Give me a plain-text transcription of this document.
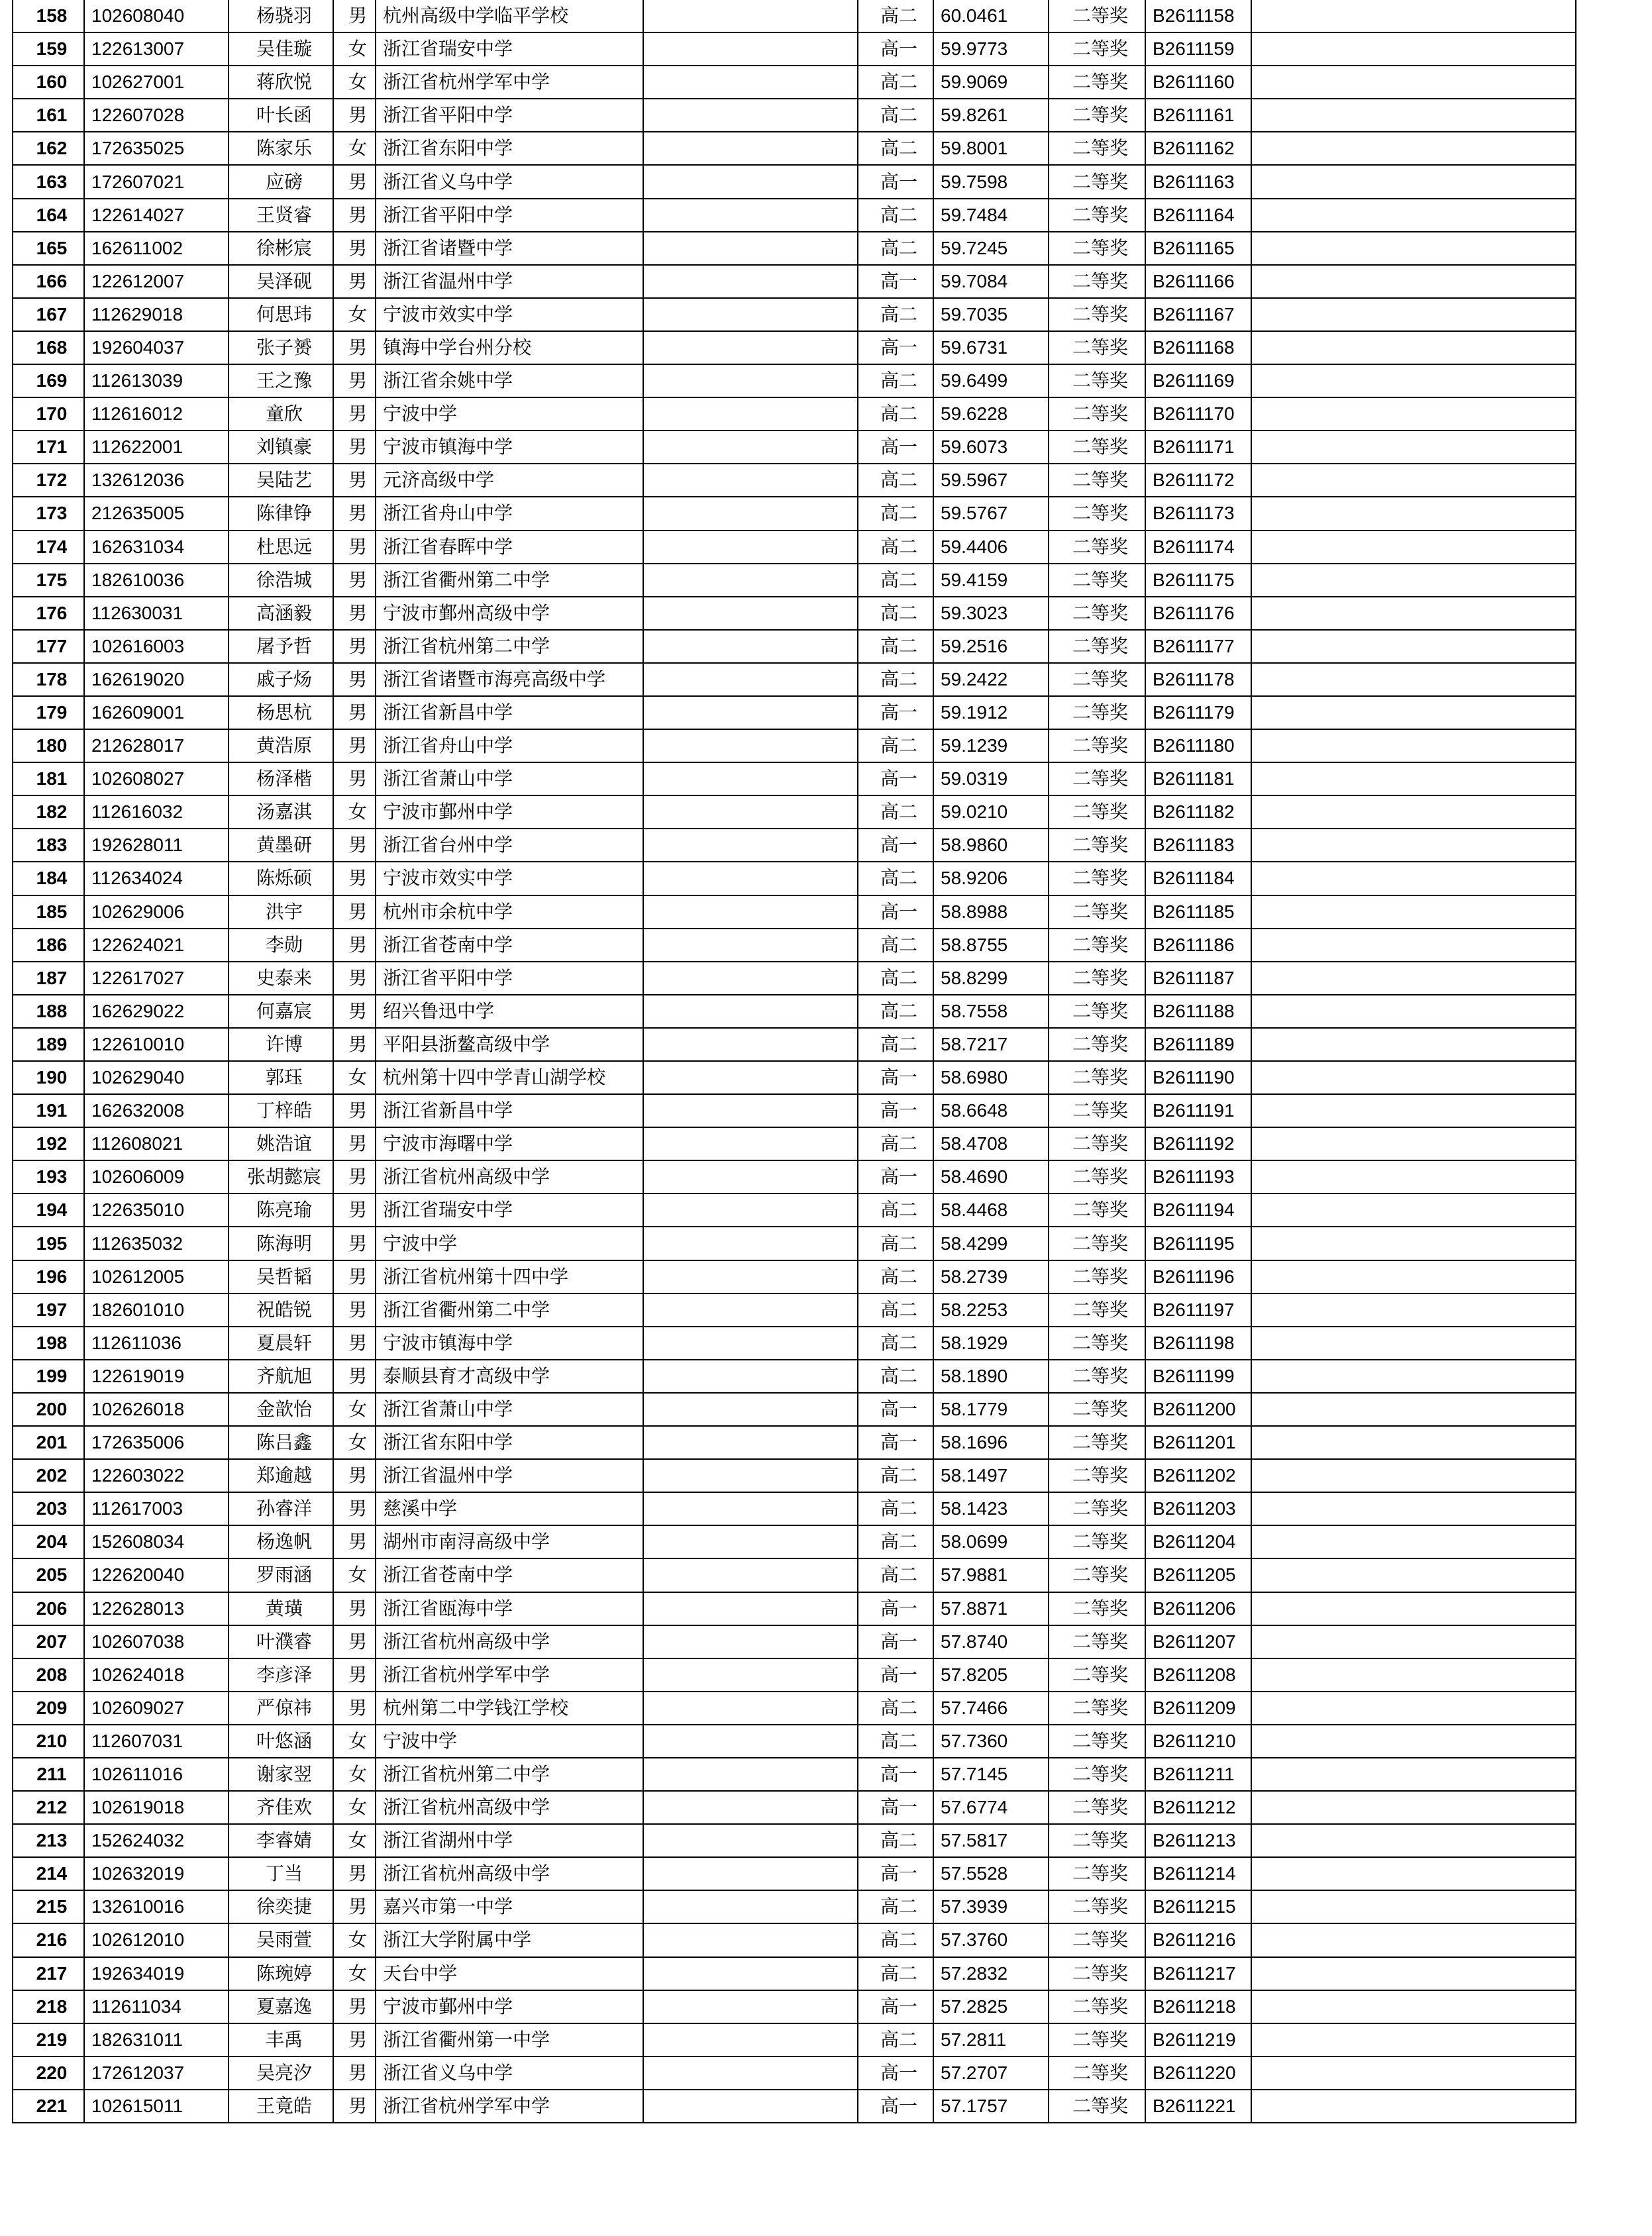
158	102608040	杨骁羽	男	杭州高级中学临平学校		高二	60.0461	二等奖	B2611158	
159	122613007	吴佳璇	女	浙江省瑞安中学		高一	59.9773	二等奖	B2611159	
160	102627001	蒋欣悦	女	浙江省杭州学军中学		高二	59.9069	二等奖	B2611160	
161	122607028	叶长函	男	浙江省平阳中学		高二	59.8261	二等奖	B2611161	
162	172635025	陈家乐	女	浙江省东阳中学		高二	59.8001	二等奖	B2611162	
163	172607021	应磅	男	浙江省义乌中学		高一	59.7598	二等奖	B2611163	
164	122614027	王贤睿	男	浙江省平阳中学		高二	59.7484	二等奖	B2611164	
165	162611002	徐彬宸	男	浙江省诸暨中学		高二	59.7245	二等奖	B2611165	
166	122612007	吴泽砚	男	浙江省温州中学		高一	59.7084	二等奖	B2611166	
167	112629018	何思玮	女	宁波市效实中学		高二	59.7035	二等奖	B2611167	
168	192604037	张子赟	男	镇海中学台州分校		高一	59.6731	二等奖	B2611168	
169	112613039	王之豫	男	浙江省余姚中学		高二	59.6499	二等奖	B2611169	
170	112616012	童欣	男	宁波中学		高二	59.6228	二等奖	B2611170	
171	112622001	刘镇豪	男	宁波市镇海中学		高一	59.6073	二等奖	B2611171	
172	132612036	吴陆艺	男	元济高级中学		高二	59.5967	二等奖	B2611172	
173	212635005	陈律铮	男	浙江省舟山中学		高二	59.5767	二等奖	B2611173	
174	162631034	杜思远	男	浙江省春晖中学		高二	59.4406	二等奖	B2611174	
175	182610036	徐浩城	男	浙江省衢州第二中学		高二	59.4159	二等奖	B2611175	
176	112630031	高涵毅	男	宁波市鄞州高级中学		高二	59.3023	二等奖	B2611176	
177	102616003	屠予哲	男	浙江省杭州第二中学		高二	59.2516	二等奖	B2611177	
178	162619020	戚子炀	男	浙江省诸暨市海亮高级中学		高二	59.2422	二等奖	B2611178	
179	162609001	杨思杭	男	浙江省新昌中学		高一	59.1912	二等奖	B2611179	
180	212628017	黄浩原	男	浙江省舟山中学		高二	59.1239	二等奖	B2611180	
181	102608027	杨泽楷	男	浙江省萧山中学		高一	59.0319	二等奖	B2611181	
182	112616032	汤嘉淇	女	宁波市鄞州中学		高二	59.0210	二等奖	B2611182	
183	192628011	黄墨研	男	浙江省台州中学		高一	58.9860	二等奖	B2611183	
184	112634024	陈烁硕	男	宁波市效实中学		高二	58.9206	二等奖	B2611184	
185	102629006	洪宇	男	杭州市余杭中学		高一	58.8988	二等奖	B2611185	
186	122624021	李勋	男	浙江省苍南中学		高二	58.8755	二等奖	B2611186	
187	122617027	史泰来	男	浙江省平阳中学		高二	58.8299	二等奖	B2611187	
188	162629022	何嘉宸	男	绍兴鲁迅中学		高二	58.7558	二等奖	B2611188	
189	122610010	许博	男	平阳县浙鳌高级中学		高二	58.7217	二等奖	B2611189	
190	102629040	郭珏	女	杭州第十四中学青山湖学校		高一	58.6980	二等奖	B2611190	
191	162632008	丁梓皓	男	浙江省新昌中学		高一	58.6648	二等奖	B2611191	
192	112608021	姚浩谊	男	宁波市海曙中学		高二	58.4708	二等奖	B2611192	
193	102606009	张胡懿宸	男	浙江省杭州高级中学		高一	58.4690	二等奖	B2611193	
194	122635010	陈亮瑜	男	浙江省瑞安中学		高二	58.4468	二等奖	B2611194	
195	112635032	陈海明	男	宁波中学		高二	58.4299	二等奖	B2611195	
196	102612005	吴哲韬	男	浙江省杭州第十四中学		高二	58.2739	二等奖	B2611196	
197	182601010	祝皓锐	男	浙江省衢州第二中学		高二	58.2253	二等奖	B2611197	
198	112611036	夏晨轩	男	宁波市镇海中学		高二	58.1929	二等奖	B2611198	
199	122619019	齐航旭	男	泰顺县育才高级中学		高二	58.1890	二等奖	B2611199	
200	102626018	金歆怡	女	浙江省萧山中学		高一	58.1779	二等奖	B2611200	
201	172635006	陈吕鑫	女	浙江省东阳中学		高一	58.1696	二等奖	B2611201	
202	122603022	郑逾越	男	浙江省温州中学		高二	58.1497	二等奖	B2611202	
203	112617003	孙睿洋	男	慈溪中学		高二	58.1423	二等奖	B2611203	
204	152608034	杨逸帆	男	湖州市南浔高级中学		高二	58.0699	二等奖	B2611204	
205	122620040	罗雨涵	女	浙江省苍南中学		高二	57.9881	二等奖	B2611205	
206	122628013	黄璜	男	浙江省瓯海中学		高一	57.8871	二等奖	B2611206	
207	102607038	叶濮睿	男	浙江省杭州高级中学		高一	57.8740	二等奖	B2611207	
208	102624018	李彦泽	男	浙江省杭州学军中学		高一	57.8205	二等奖	B2611208	
209	102609027	严倞祎	男	杭州第二中学钱江学校		高二	57.7466	二等奖	B2611209	
210	112607031	叶悠涵	女	宁波中学		高二	57.7360	二等奖	B2611210	
211	102611016	谢家翌	女	浙江省杭州第二中学		高一	57.7145	二等奖	B2611211	
212	102619018	齐佳欢	女	浙江省杭州高级中学		高一	57.6774	二等奖	B2611212	
213	152624032	李睿婧	女	浙江省湖州中学		高二	57.5817	二等奖	B2611213	
214	102632019	丁当	男	浙江省杭州高级中学		高一	57.5528	二等奖	B2611214	
215	132610016	徐奕捷	男	嘉兴市第一中学		高二	57.3939	二等奖	B2611215	
216	102612010	吴雨萱	女	浙江大学附属中学		高二	57.3760	二等奖	B2611216	
217	192634019	陈琬婷	女	天台中学		高二	57.2832	二等奖	B2611217	
218	112611034	夏嘉逸	男	宁波市鄞州中学		高一	57.2825	二等奖	B2611218	
219	182631011	丰禹	男	浙江省衢州第一中学		高二	57.2811	二等奖	B2611219	
220	172612037	吴亮汐	男	浙江省义乌中学		高一	57.2707	二等奖	B2611220	
221	102615011	王竟皓	男	浙江省杭州学军中学		高一	57.1757	二等奖	B2611221	
